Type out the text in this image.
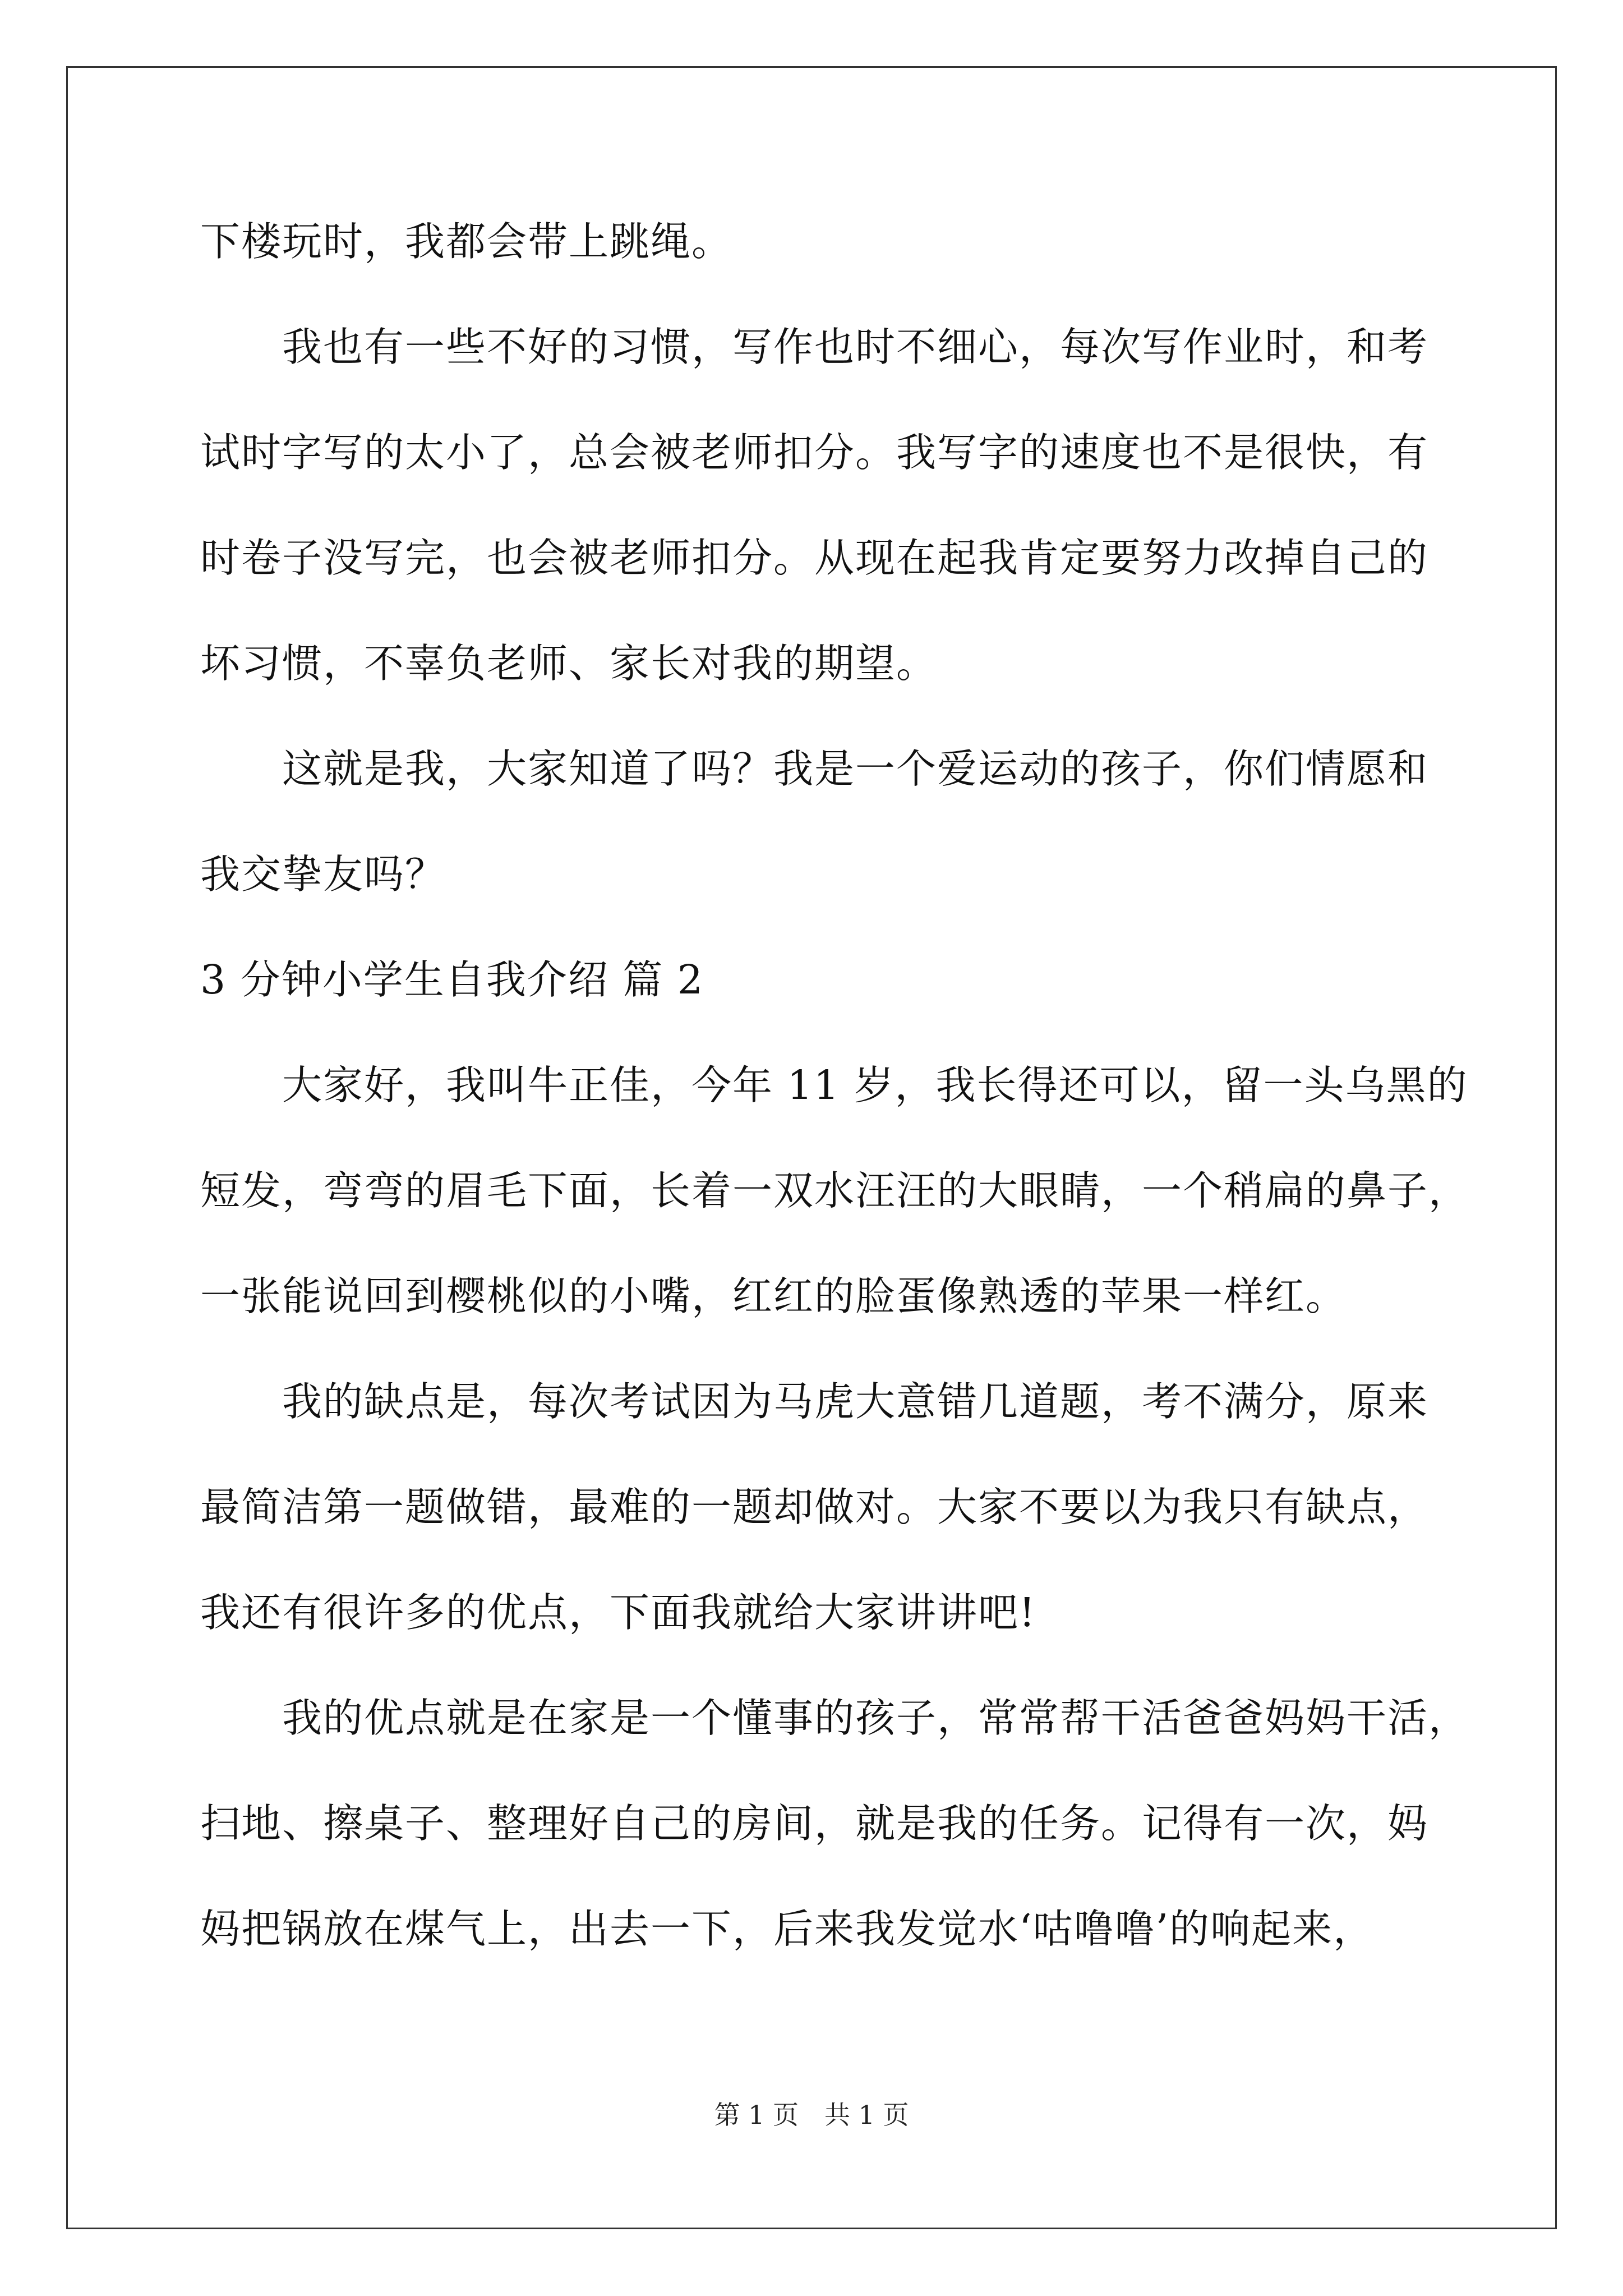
下楼玩时，我都会带上跳绳。
我也有一些不好的习惯，写作也时不细心，每次写作业时，和考
试时字写的太小了，总会被老师扣分。我写字的速度也不是很快，有
时卷子没写完，也会被老师扣分。从现在起我肯定要努力改掉自己的
坏习惯，不辜负老师、家长对我的期望。
这就是我，大家知道了吗？我是一个爱运动的孩子，你们情愿和
我交挚友吗？
3 分钟小学生自我介绍 篇 2
大家好，我叫牛正佳，今年 11 岁，我长得还可以，留一头乌黑的
短发，弯弯的眉毛下面，长着一双水汪汪的大眼睛，一个稍扁的鼻子，
一张能说回到樱桃似的小嘴，红红的脸蛋像熟透的苹果一样红。
我的缺点是，每次考试因为马虎大意错几道题，考不满分，原来
最简洁第一题做错，最难的一题却做对。大家不要以为我只有缺点，
我还有很许多的优点，下面我就给大家讲讲吧!
我的优点就是在家是一个懂事的孩子，常常帮干活爸爸妈妈干活，
扫地、擦桌子、整理好自己的房间，就是我的任务。记得有一次，妈
妈把锅放在煤气上，出去一下，后来我发觉水‘咕噜噜’的响起来，
第 1 页　共 1 页
